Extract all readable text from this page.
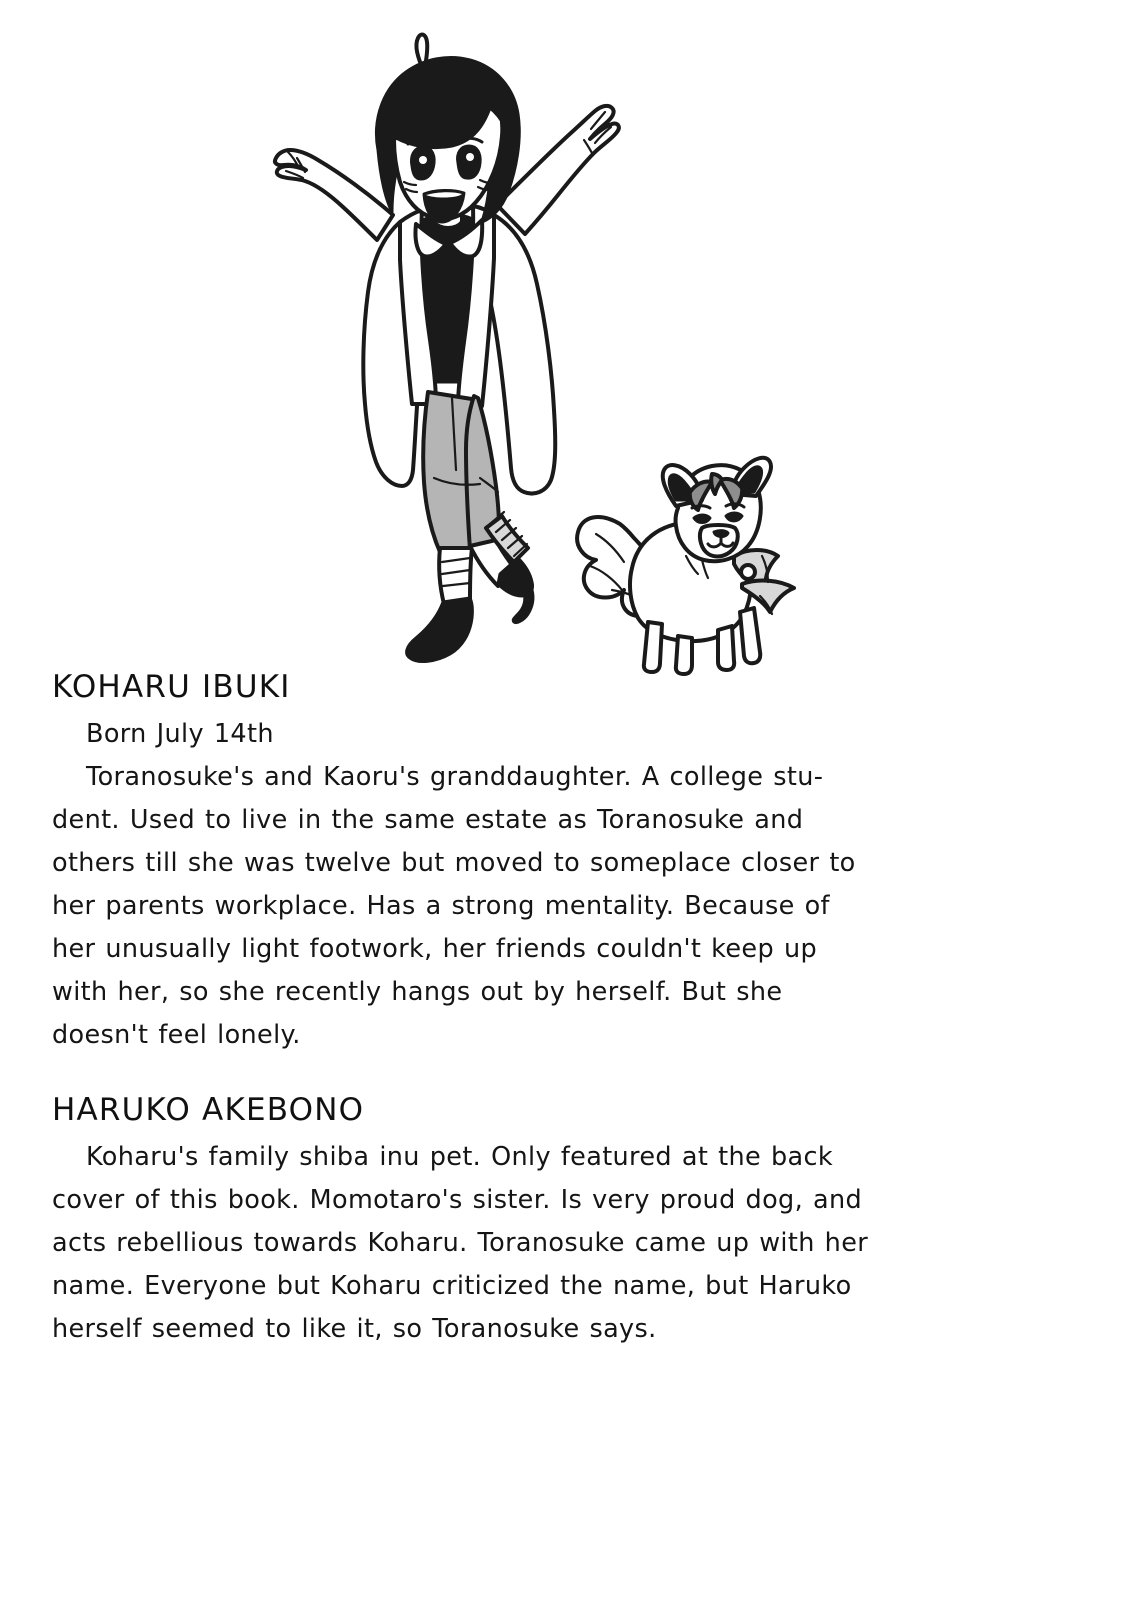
KOHARU IBUKI

Born July 14th
Toranosuke's and Kaoru's granddaughter. A college stu-
dent. Used to live in the same estate as Toranosuke and
others till she was twelve but moved to someplace closer to
her parents workplace. Has a strong mentality. Because of
her unusually light footwork, her friends couldn't keep up
with her, so she recently hangs out by herself. But she
doesn't feel lonely.

HARUKO AKEBONO

Koharu's family shiba inu pet. Only featured at the back
cover of this book. Momotaro's sister. Is very proud dog, and
acts rebellious towards Koharu. Toranosuke came up with her
name. Everyone but Koharu criticized the name, but Haruko
herself seemed to like it, so Toranosuke says.
